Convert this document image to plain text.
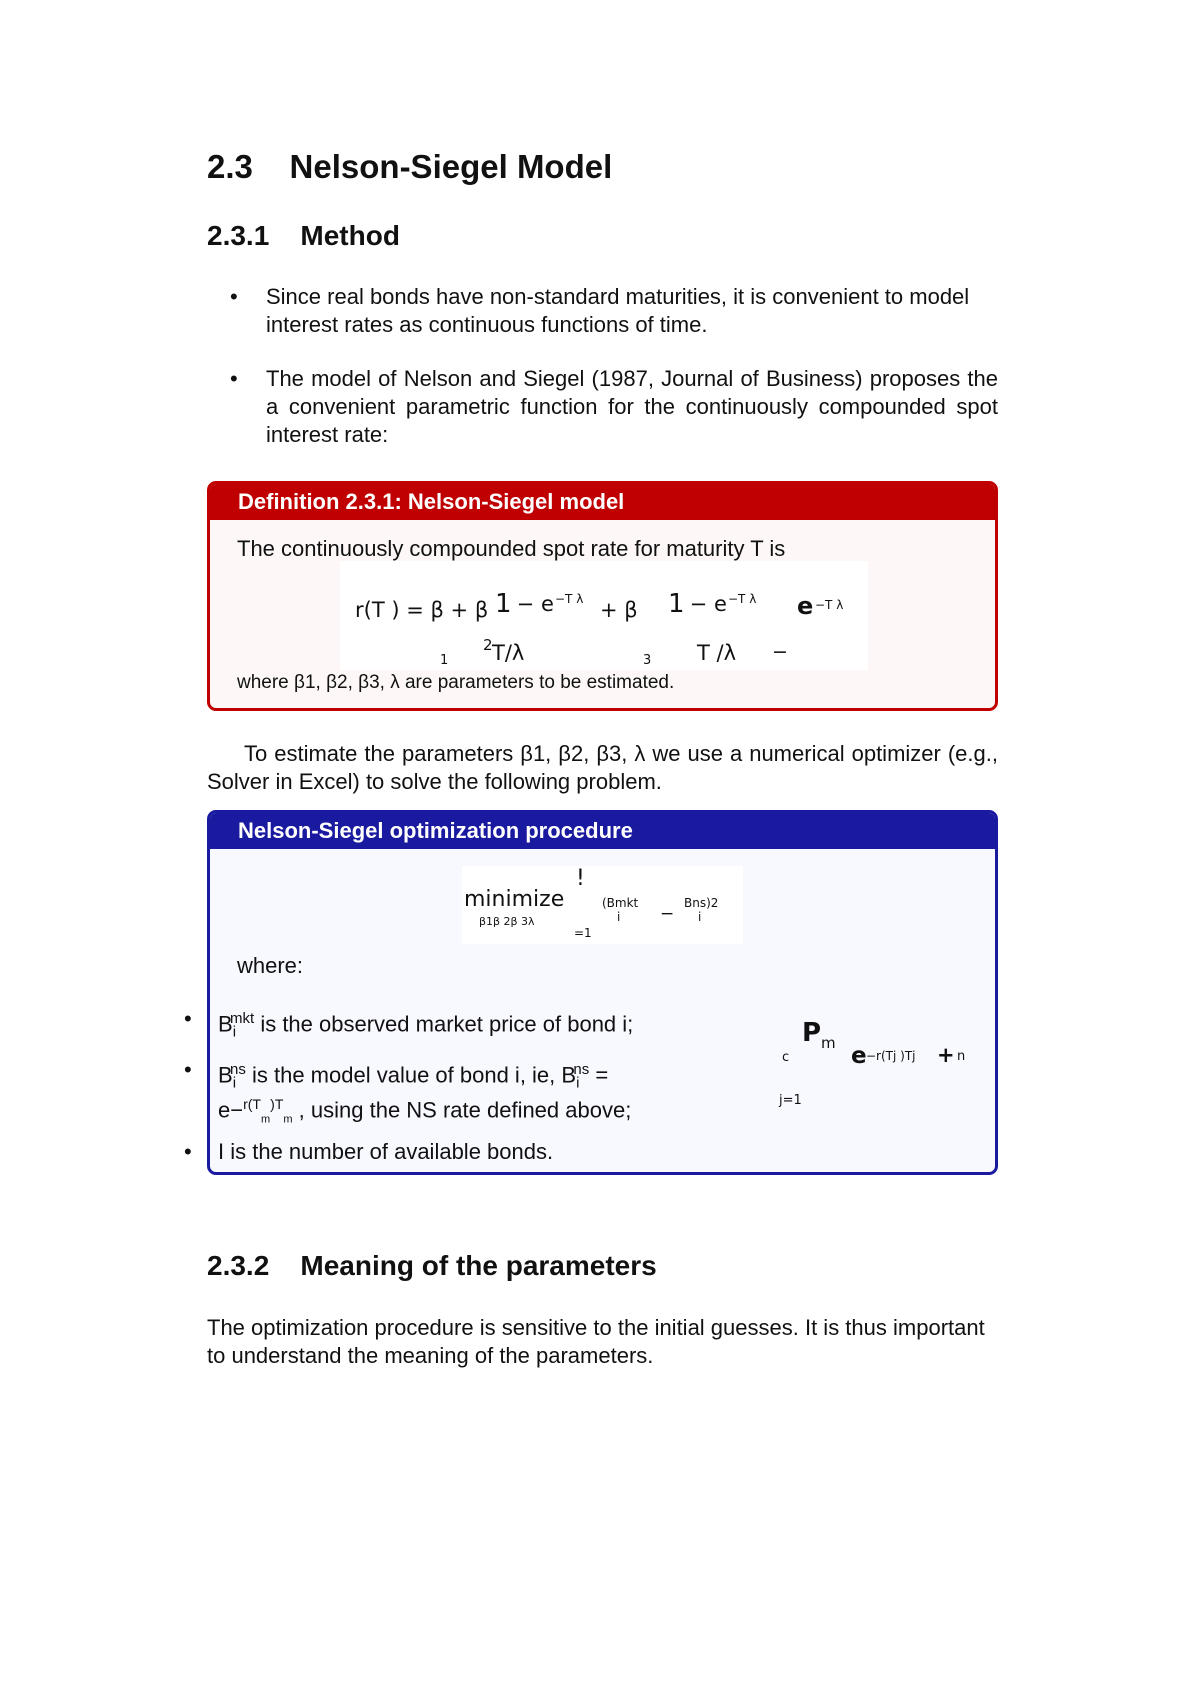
2.3    Nelson-Siegel Model
2.3.1    Method
• Since real bonds have non-standard maturities, it is convenient to model interest rates as continuous functions of time.
• The model of Nelson and Siegel (1987, Journal of Business) proposes the a convenient parametric function for the continuously compounded spot interest rate:
Definition 2.3.1: Nelson-Siegel model
The continuously compounded spot rate for maturity T is
r(T ) = β + β 1
− e −T λ + β 1
− e −T λ e −T λ
1
2 T/λ	3 T /λ −
where β1, β2, β3, λ are parameters to be estimated.
To estimate the parameters β1, β2, β3, λ we use a numerical optimizer (e.g., Solver in Excel) to solve the following problem.
Nelson-Siegel optimization procedure
minimize
β1β 2β 3λ
!
=1
(Bmkt
i −
Bns)2
i
where:
• $B_i^{mkt}$ is the observed market price of bond i;
• $B_i^{ns}$ is the model value of bond i, ie, $B_i^{ns}$ =
e−$^{r(T}_m^{)T}_m$ , using the NS rate defined above;
• I is the number of available bonds.
c
P m e −r(Tj )Tj + n
j=1
2.3.2    Meaning of the parameters
The optimization procedure is sensitive to the initial guesses. It is thus important to understand the meaning of the parameters.
